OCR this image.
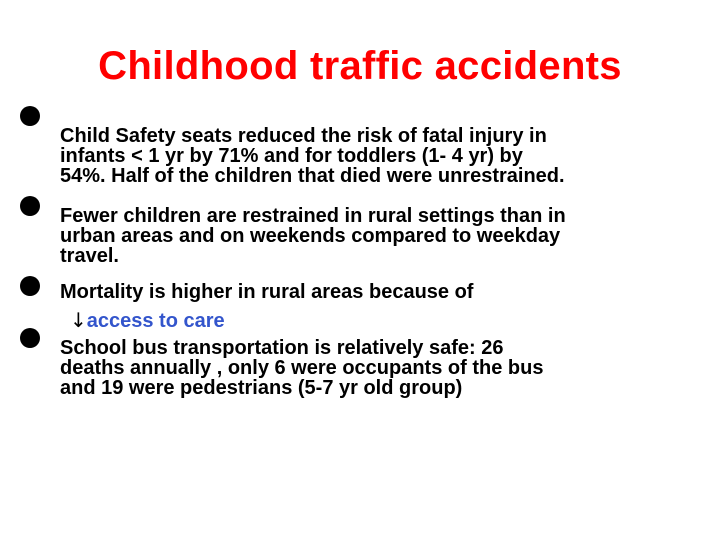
Childhood traffic accidents
Child Safety seats reduced the risk of fatal injury in
infants < 1 yr by 71% and for toddlers (1- 4 yr) by
54%. Half of the children that died were unrestrained.
Fewer children are restrained in rural settings than in
urban areas and on weekends compared to weekday
travel.
Mortality is higher in rural areas because of
↓access to care
School bus transportation is relatively safe: 26
deaths annually , only 6 were occupants of the bus
and 19 were pedestrians (5-7 yr old group)
